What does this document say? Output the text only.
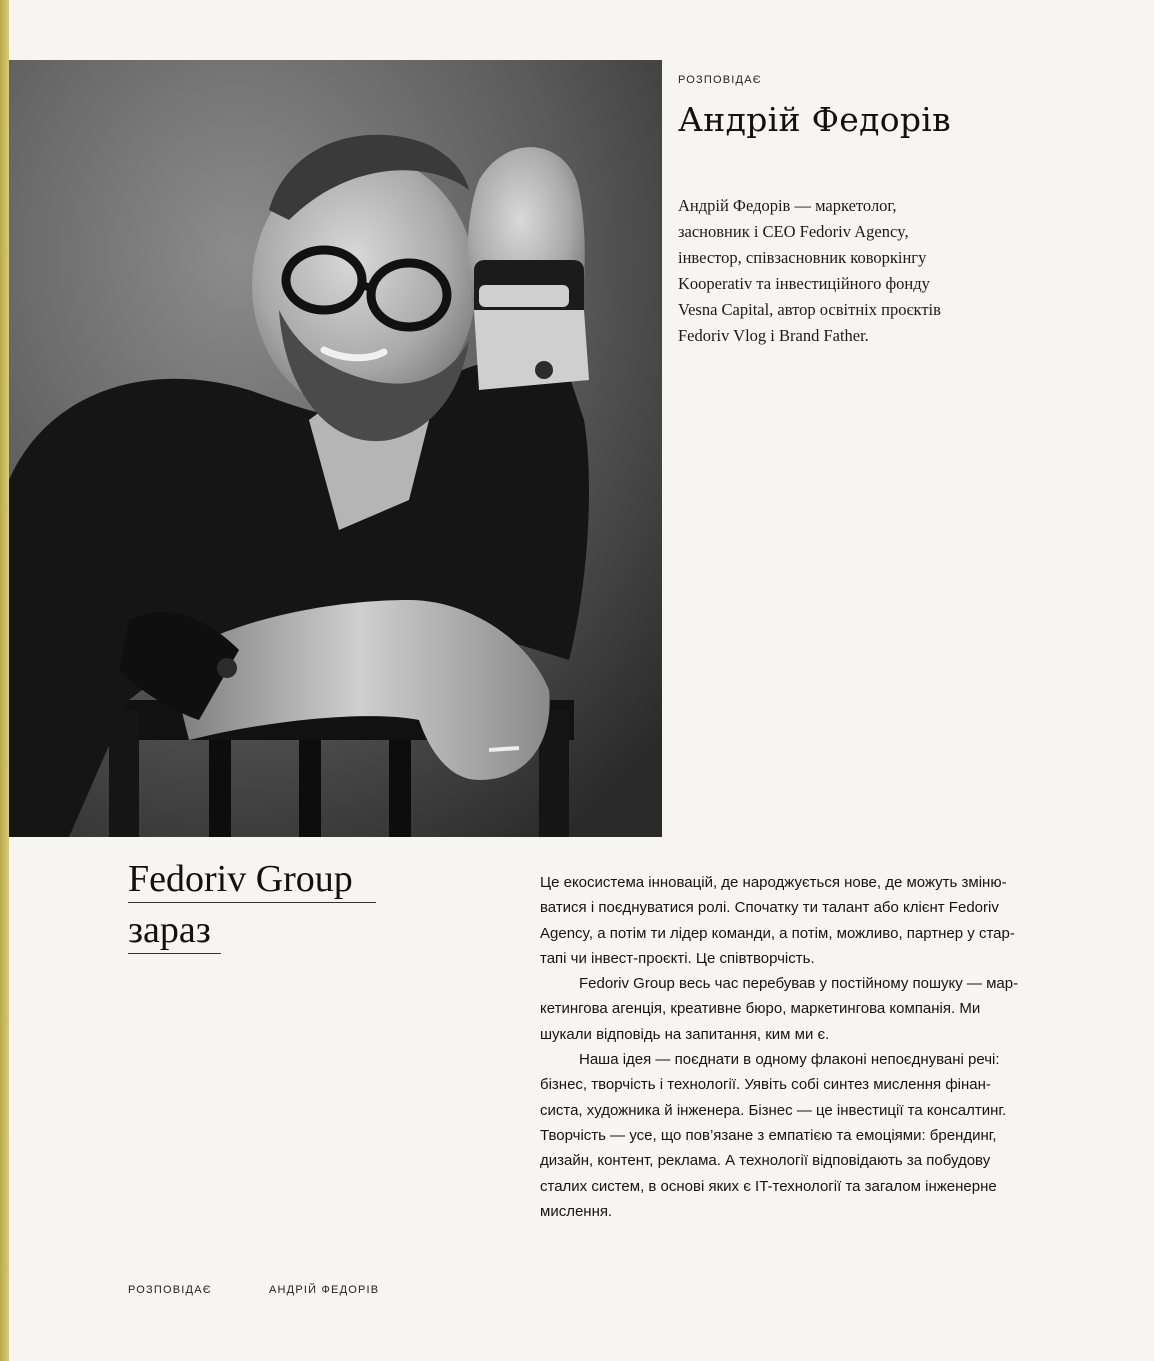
РОЗПОВІДАЄ
Андрій Федорів
Андрій Федорів — маркетолог,
засновник і CEO Fedoriv Agency,
інвестор, співзасновник коворкінгу
Kooperativ та інвестиційного фонду
Vesna Capital, автор освітніх проєктів
Fedoriv Vlog і Brand Father.
Fedoriv Group
зараз
Це екосистема інновацій, де народжується нове, де можуть зміню-
ватися і поєднуватися ролі. Спочатку ти талант або клієнт Fedoriv
Agency, а потім ти лідер команди, а потім, можливо, партнер у стар-
тапі чи інвест-проєкті. Це співтворчість.
Fedoriv Group весь час перебував у постійному пошуку — мар-
кетингова агенція, креативне бюро, маркетингова компанія. Ми
шукали відповідь на запитання, ким ми є.
Наша ідея — поєднати в одному флаконі непоєднувані речі:
бізнес, творчість і технології. Уявіть собі синтез мислення фінан-
систа, художника й інженера. Бізнес — це інвестиції та консалтинг.
Творчість — усе, що пов’язане з емпатією та емоціями: брендинг,
дизайн, контент, реклама. А технології відповідають за побудову
сталих систем, в основі яких є IT-технології та загалом інженерне
мислення.
РОЗПОВІДАЄ	АНДРІЙ ФЕДОРІВ
